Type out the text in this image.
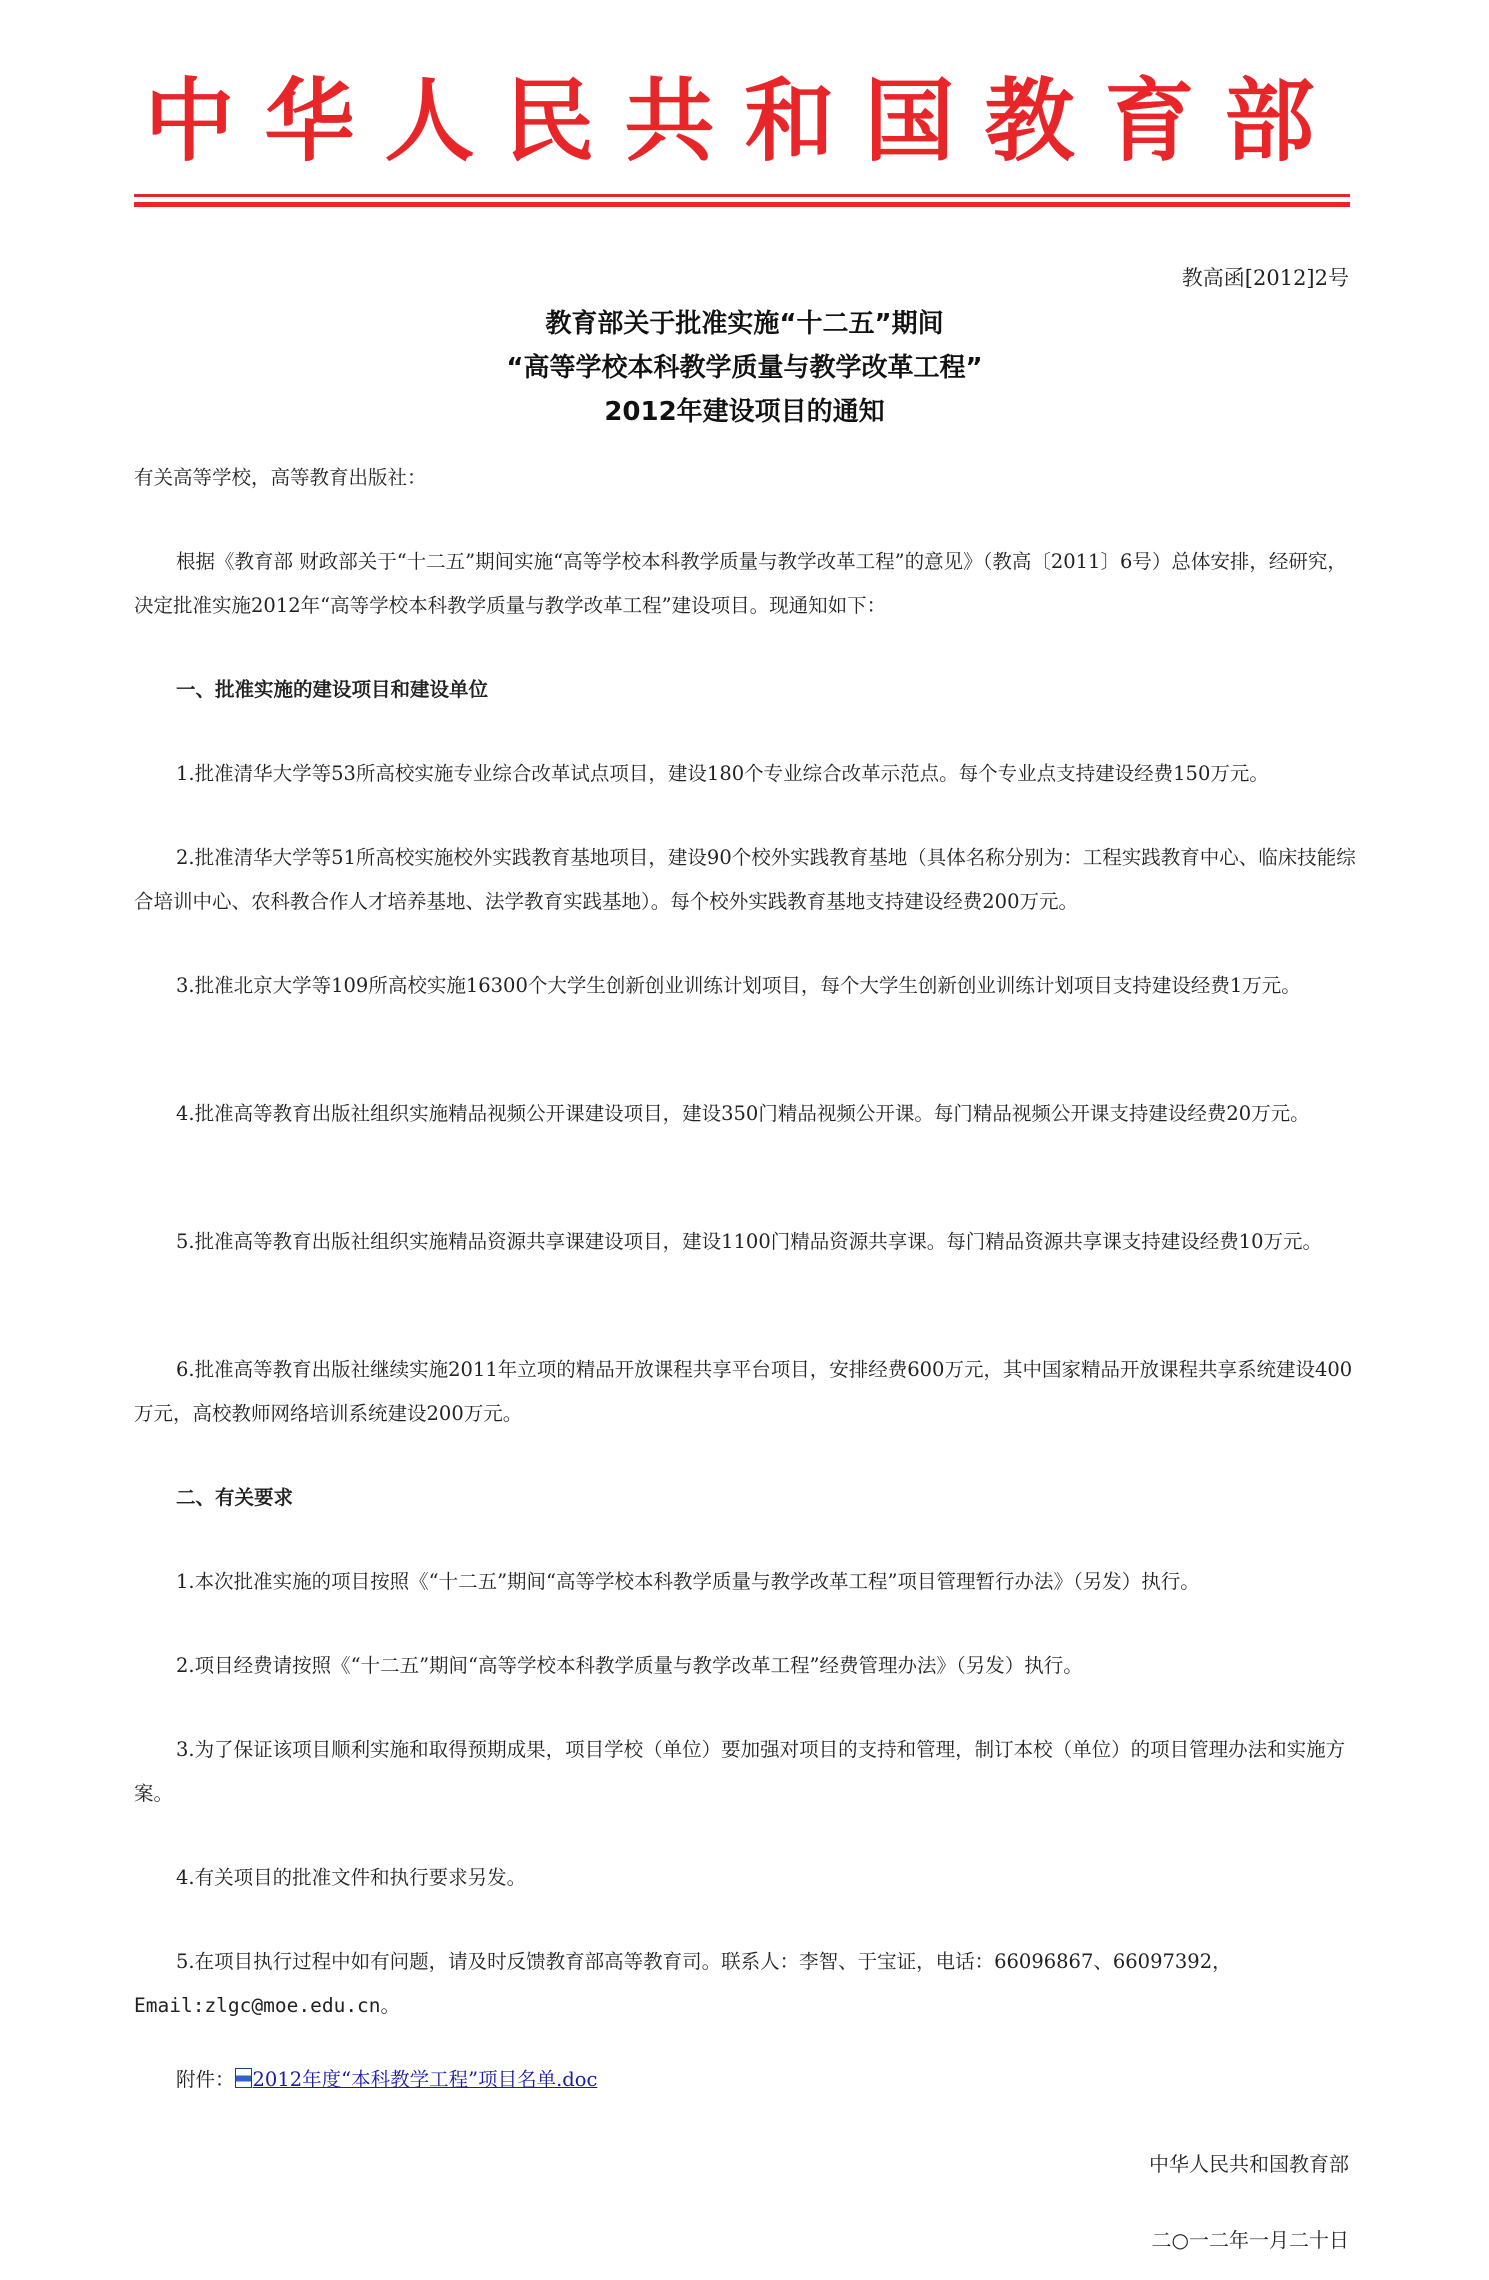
中华人民共和国教育部
教高函[2012]2号
教育部关于批准实施“十二五”期间
“高等学校本科教学质量与教学改革工程”
2012年建设项目的通知

有关高等学校，高等教育出版社：

根据《教育部 财政部关于“十二五”期间实施“高等学校本科教学质量与教学改革工程”的意见》（教高〔2011〕6号）总体安排，经研究，决定批准实施2012年“高等学校本科教学质量与教学改革工程”建设项目。现通知如下：

一、批准实施的建设项目和建设单位

1.批准清华大学等53所高校实施专业综合改革试点项目，建设180个专业综合改革示范点。每个专业点支持建设经费150万元。

2.批准清华大学等51所高校实施校外实践教育基地项目，建设90个校外实践教育基地（具体名称分别为：工程实践教育中心、临床技能综合培训中心、农科教合作人才培养基地、法学教育实践基地）。每个校外实践教育基地支持建设经费200万元。

3.批准北京大学等109所高校实施16300个大学生创新创业训练计划项目，每个大学生创新创业训练计划项目支持建设经费1万元。

4.批准高等教育出版社组织实施精品视频公开课建设项目，建设350门精品视频公开课。每门精品视频公开课支持建设经费20万元。

5.批准高等教育出版社组织实施精品资源共享课建设项目，建设1100门精品资源共享课。每门精品资源共享课支持建设经费10万元。

6.批准高等教育出版社继续实施2011年立项的精品开放课程共享平台项目，安排经费600万元，其中国家精品开放课程共享系统建设400万元，高校教师网络培训系统建设200万元。

二、有关要求

1.本次批准实施的项目按照《“十二五”期间“高等学校本科教学质量与教学改革工程”项目管理暂行办法》（另发）执行。

2.项目经费请按照《“十二五”期间“高等学校本科教学质量与教学改革工程”经费管理办法》（另发）执行。

3.为了保证该项目顺利实施和取得预期成果，项目学校（单位）要加强对项目的支持和管理，制订本校（单位）的项目管理办法和实施方案。

4.有关项目的批准文件和执行要求另发。

5.在项目执行过程中如有问题，请及时反馈教育部高等教育司。联系人：李智、于宝证，电话：66096867、66097392，

Email:zlgc@moe.edu.cn。

附件： 2012年度“本科教学工程”项目名单.doc

中华人民共和国教育部
二○一二年一月二十日
